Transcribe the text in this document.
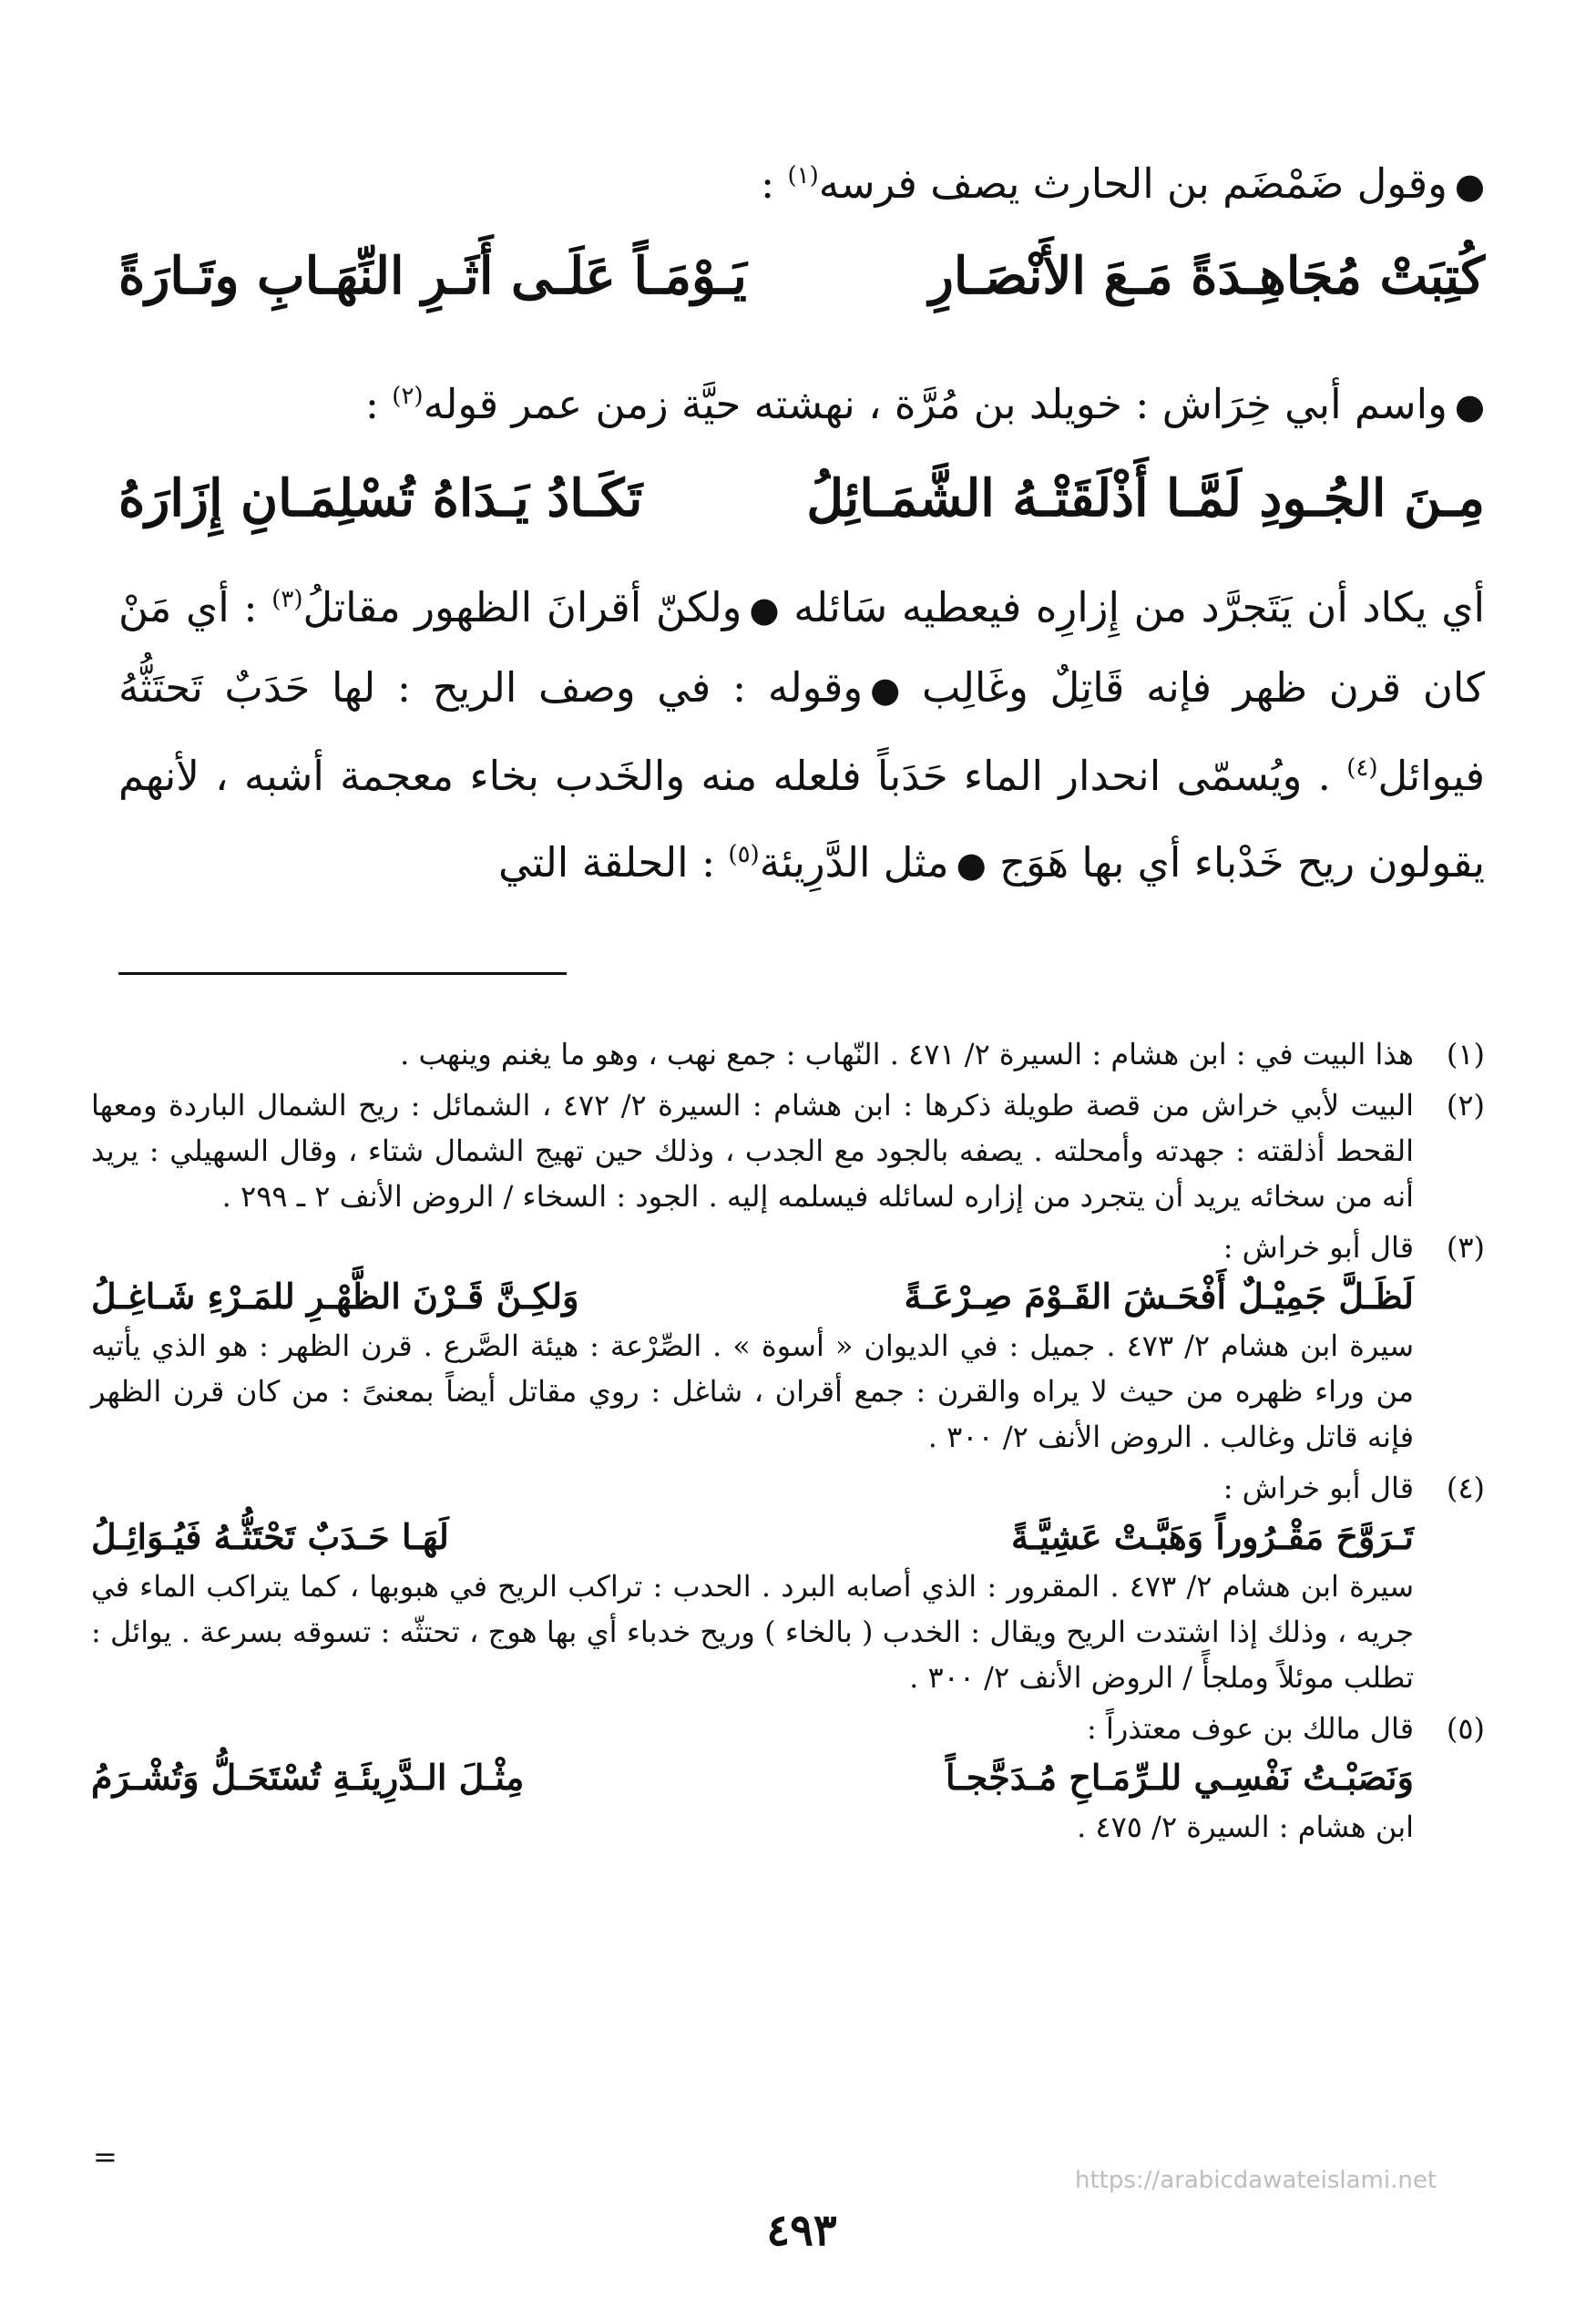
●وقول ضَمْضَم بن الحارث يصف فرسه$^{(١)}$ :
كُتِبَتْ مُجَاهِـدَةً مَـعَ الأَنْصَـارِ
يَـوْمَـاً عَلَـى أَثَـرِ النِّهَـابِ وتَـارَةً
●واسم أبي خِرَاش : خويلد بن مُرَّة ، نهشته حيَّة زمن عمر قوله$^{(٢)}$ :
مِـنَ الجُـودِ لَمَّـا أَذْلَقَتْـهُ الشَّمَـائِلُ
تَكَـادُ يَـدَاهُ تُسْلِمَـانِ إِزَارَهُ
أي يكاد أن يَتَجرَّد من إِزارِه فيعطيه سَائله ●ولكنّ أقرانَ الظهور مقاتلُ$^{(٣)}$ : أي مَنْ كان قرن ظهر فإنه قَاتِلٌ وغَالِب ●وقوله : في وصف الريح : لها حَدَبٌ تَحتَثُّهُ فيوائل$^{(٤)}$ . ويُسمّى انحدار الماء حَدَباً فلعله منه والخَدب بخاء معجمة أشبه ، لأنهم يقولون ريح خَدْباء أي بها هَوَج ●مثل الدَّرِيئة$^{(٥)}$ : الحلقة التي
(١)
هذا البيت في : ابن هشام : السيرة ٢/ ٤٧١ . النّهاب : جمع نهب ، وهو ما يغنم وينهب .
(٢)
البيت لأبي خراش من قصة طويلة ذكرها : ابن هشام : السيرة ٢/ ٤٧٢ ، الشمائل : ريح الشمال الباردة ومعها القحط أذلقته : جهدته وأمحلته . يصفه بالجود مع الجدب ، وذلك حين تهيج الشمال شتاء ، وقال السهيلي : يريد أنه من سخائه يريد أن يتجرد من إزاره لسائله فيسلمه إليه . الجود : السخاء / الروض الأنف ٢ ـ ٢٩٩ .
(٣)
قال أبو خراش :
لَظَـلَّ جَمِيْـلٌ أَفْحَـشَ القَـوْمَ صِـرْعَـةً
وَلكِـنَّ قَـرْنَ الظَّهْـرِ للمَـرْءِ شَـاغِـلُ
سيرة ابن هشام ٢/ ٤٧٣ . جميل : في الديوان « أسوة » . الصِّرْعة : هيئة الصَّرع . قرن الظهر : هو الذي يأتيه من وراء ظهره من حيث لا يراه والقرن : جمع أقران ، شاغل : روي مقاتل أيضاً بمعنىً : من كان قرن الظهر فإنه قاتل وغالب . الروض الأنف ٢/ ٣٠٠ .
(٤)
قال أبو خراش :
تَـرَوَّحَ مَقْـرُوراً وَهَبَّـتْ عَشِيَّـةً
لَهَـا حَـدَبٌ تَحْتَثُّـهُ فَيُـوَائِـلُ
سيرة ابن هشام ٢/ ٤٧٣ . المقرور : الذي أصابه البرد . الحدب : تراكب الريح في هبوبها ، كما يتراكب الماء في جريه ، وذلك إذا اشتدت الريح ويقال : الخدب ( بالخاء ) وريح خدباء أي بها هوج ، تحتثّه : تسوقه بسرعة . يوائل : تطلب موئلاً وملجأً / الروض الأنف ٢/ ٣٠٠ .
(٥)
قال مالك بن عوف معتذراً :
وَنَصَبْـتُ نَفْسِـي للـرِّمَـاحِ مُـدَجَّجـاً
مِثْـلَ الـدَّرِيئَـةِ تُسْتَحَـلُّ وَتُشْـرَمُ
ابن هشام : السيرة ٢/ ٤٧٥ .
=
https://arabicdawateislami.net
٤٩٣
